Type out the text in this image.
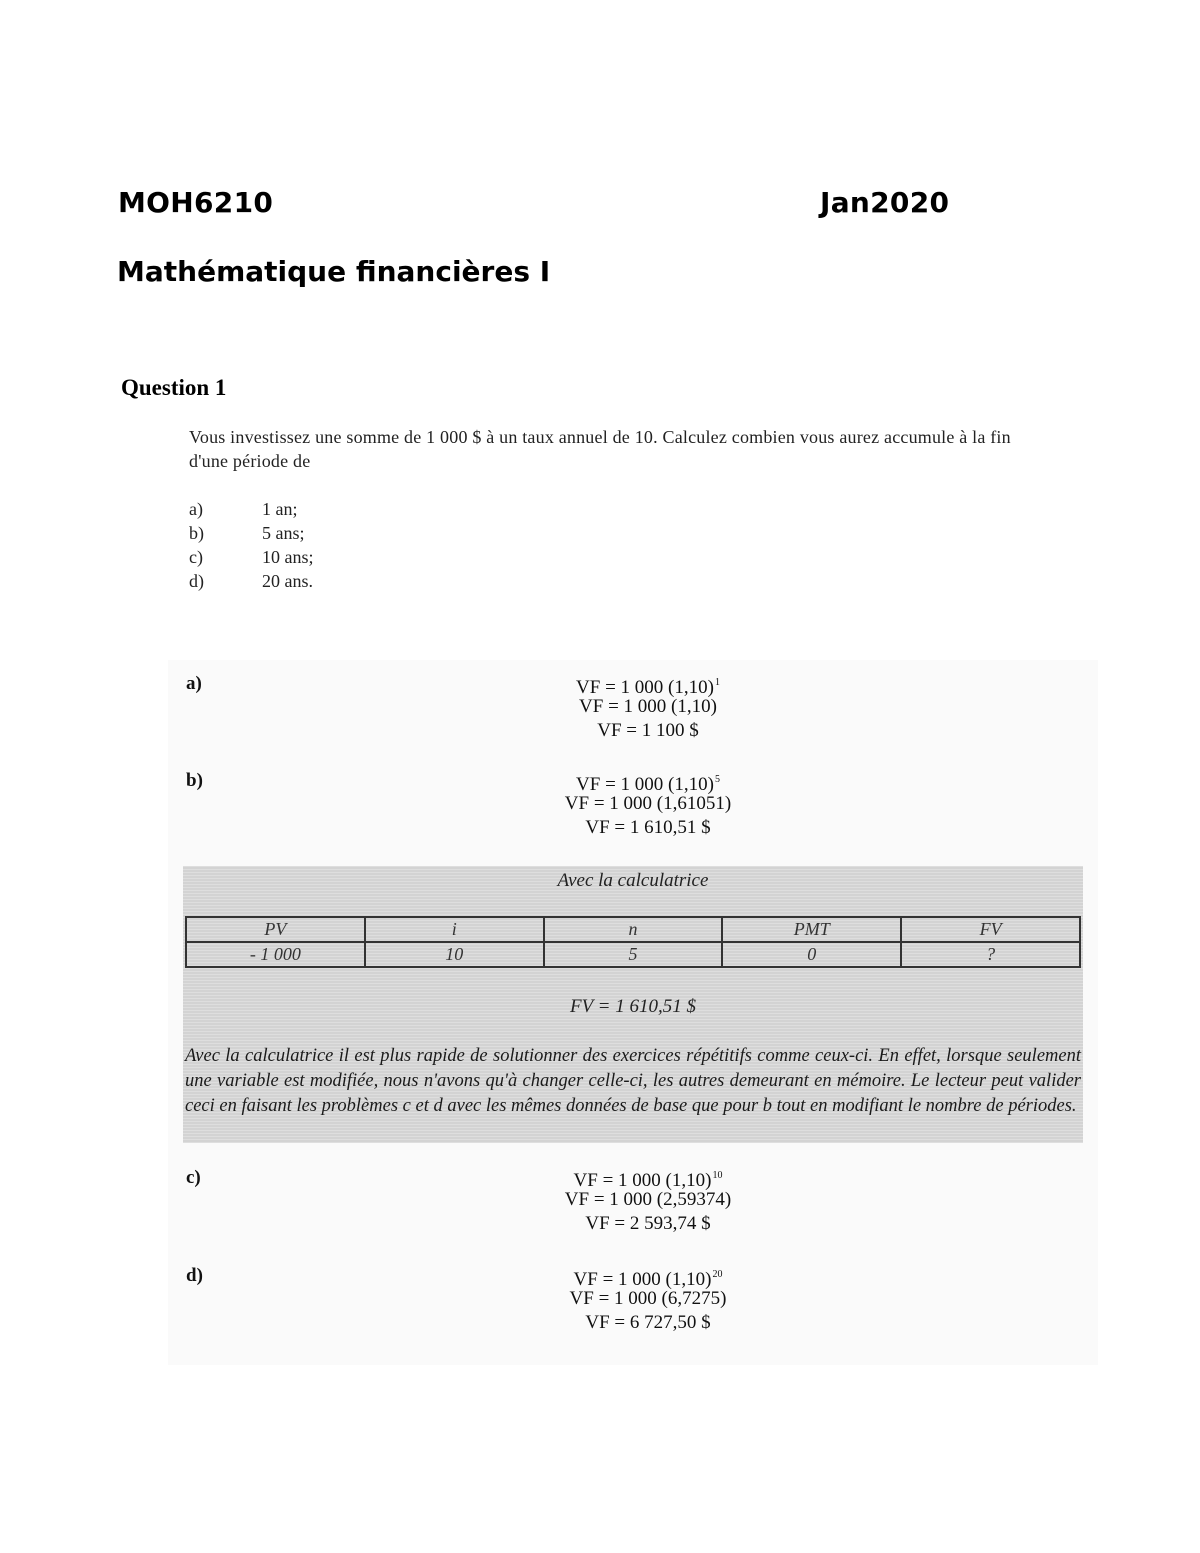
MOH6210	Jan2020
Mathématique financières I
Question 1
Vous investissez une somme de 1 000 $ à un taux annuel de 10. Calculez combien vous aurez accumule à la fin d'une période de
a)	1 an;
b)	5 ans;
c)	10 ans;
d)	20 ans.
a)	VF = 1 000 $(1,10)^1$
VF = 1 000 (1,10)
VF = 1 100 $
b)	VF = 1 000 $(1,10)^5$
VF = 1 000 (1,61051)
VF = 1 610,51 $
Avec la calculatrice
PV	i	n	PMT	FV
- 1 000	10	5	0	?
FV = 1 610,51 $
Avec la calculatrice il est plus rapide de solutionner des exercices répétitifs comme ceux-ci. En effet, lorsque seulement une variable est modifiée, nous n'avons qu'à changer celle-ci, les autres demeurant en mémoire. Le lecteur peut valider ceci en faisant les problèmes c et d avec les mêmes données de base que pour b tout en modifiant le nombre de périodes.
c)	VF = 1 000 $(1,10)^{10}$
VF = 1 000 (2,59374)
VF = 2 593,74 $
d)	VF = 1 000 $(1,10)^{20}$
VF = 1 000 (6,7275)
VF = 6 727,50 $
